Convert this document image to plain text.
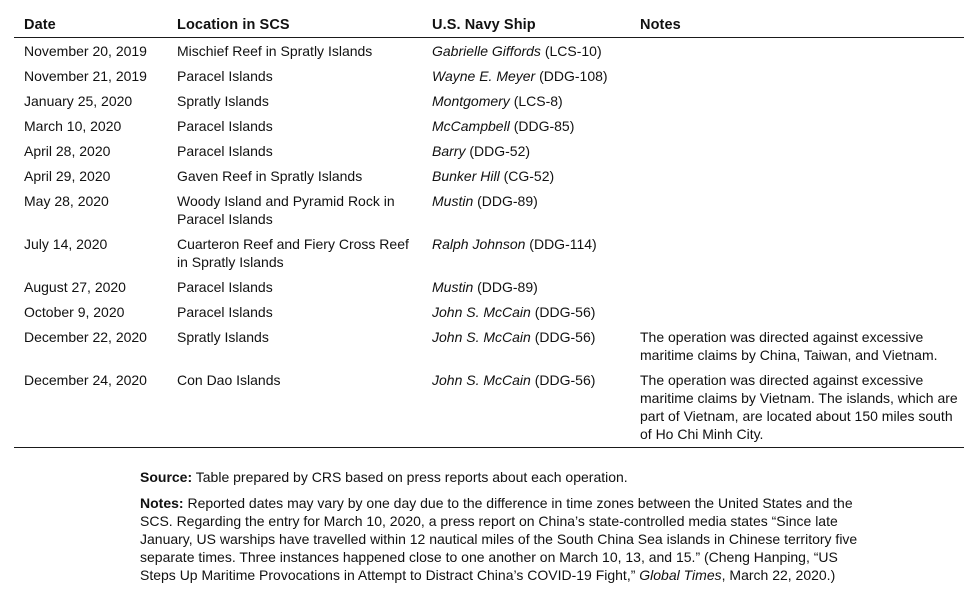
Date	Location in SCS	U.S. Navy Ship	Notes
November 20, 2019	Mischief Reef in Spratly Islands	Gabrielle Giffords (LCS-10)	
November 21, 2019	Paracel Islands	Wayne E. Meyer (DDG-108)	
January 25, 2020	Spratly Islands	Montgomery (LCS-8)	
March 10, 2020	Paracel Islands	McCampbell (DDG-85)	
April 28, 2020	Paracel Islands	Barry (DDG-52)	
April 29, 2020	Gaven Reef in Spratly Islands	Bunker Hill (CG-52)	
May 28, 2020	Woody Island and Pyramid Rock in Paracel Islands	Mustin (DDG-89)	
July 14, 2020	Cuarteron Reef and Fiery Cross Reef in Spratly Islands	Ralph Johnson (DDG-114)	
August 27, 2020	Paracel Islands	Mustin (DDG-89)	
October 9, 2020	Paracel Islands	John S. McCain (DDG-56)	
December 22, 2020	Spratly Islands	John S. McCain (DDG-56)	The operation was directed against excessive maritime claims by China, Taiwan, and Vietnam.
December 24, 2020	Con Dao Islands	John S. McCain (DDG-56)	The operation was directed against excessive maritime claims by Vietnam. The islands, which are part of Vietnam, are located about 150 miles south of Ho Chi Minh City.

Source: Table prepared by CRS based on press reports about each operation.

Notes: Reported dates may vary by one day due to the difference in time zones between the United States and the SCS. Regarding the entry for March 10, 2020, a press report on China’s state-controlled media states “Since late January, US warships have travelled within 12 nautical miles of the South China Sea islands in Chinese territory five separate times. Three instances happened close to one another on March 10, 13, and 15.” (Cheng Hanping, “US Steps Up Maritime Provocations in Attempt to Distract China’s COVID-19 Fight,” Global Times, March 22, 2020.)
